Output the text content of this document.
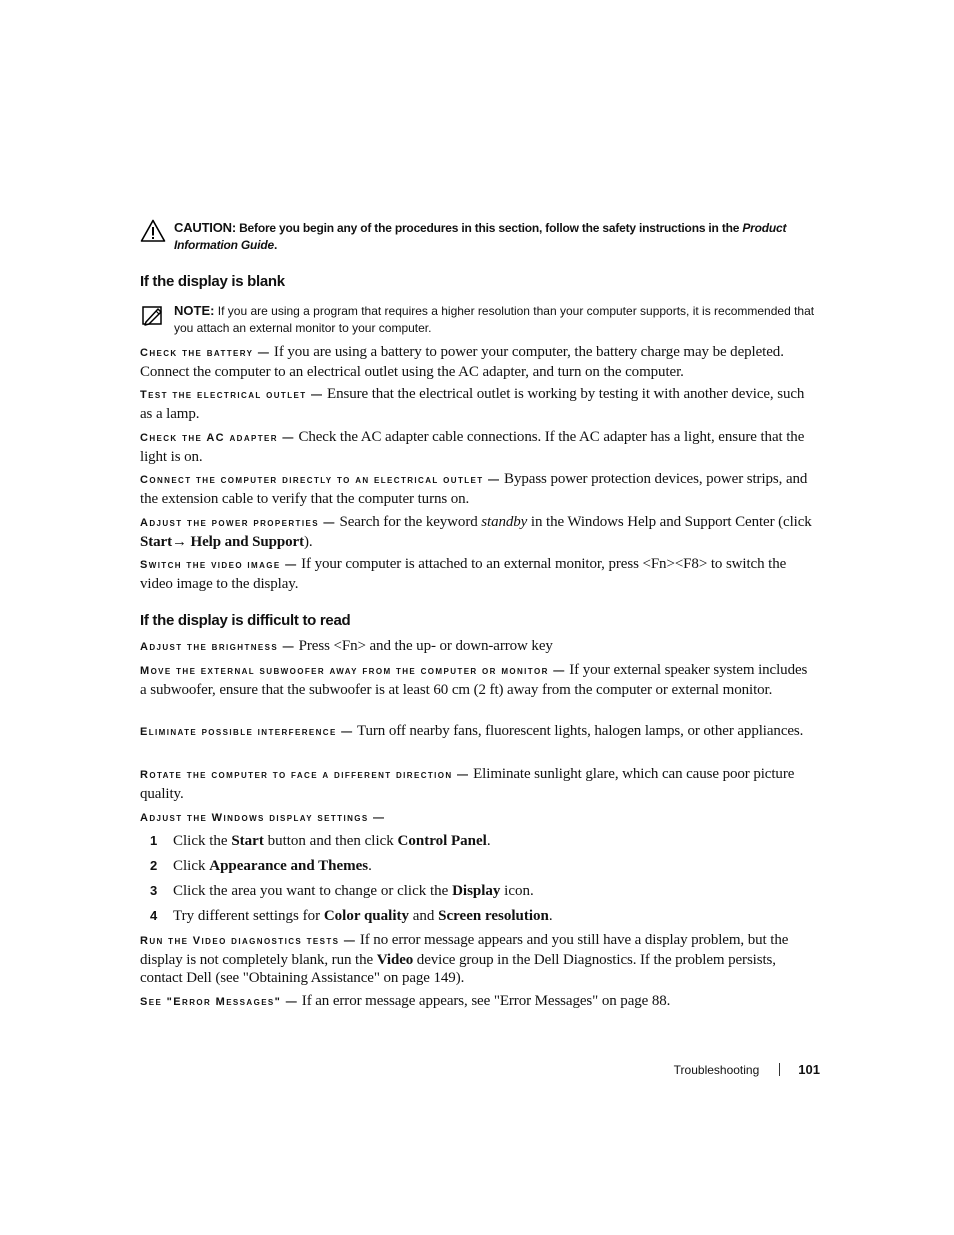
CAUTION: Before you begin any of the procedures in this section, follow the safety instructions in the Product Information Guide.
If the display is blank
NOTE: If you are using a program that requires a higher resolution than your computer supports, it is recommended that you attach an external monitor to your computer.
Check the battery — If you are using a battery to power your computer, the battery charge may be depleted. Connect the computer to an electrical outlet using the AC adapter, and turn on the computer.
Test the electrical outlet — Ensure that the electrical outlet is working by testing it with another device, such as a lamp.
Check the AC adapter — Check the AC adapter cable connections. If the AC adapter has a light, ensure that the light is on.
Connect the computer directly to an electrical outlet — Bypass power protection devices, power strips, and the extension cable to verify that the computer turns on.
Adjust the power properties — Search for the keyword standby in the Windows Help and Support Center (click Start→ Help and Support).
Switch the video image — If your computer is attached to an external monitor, press <Fn><F8> to switch the video image to the display.
If the display is difficult to read
Adjust the brightness — Press <Fn> and the up- or down-arrow key
Move the external subwoofer away from the computer or monitor — If your external speaker system includes a subwoofer, ensure that the subwoofer is at least 60 cm (2 ft) away from the computer or external monitor.
Eliminate possible interference — Turn off nearby fans, fluorescent lights, halogen lamps, or other appliances.
Rotate the computer to face a different direction — Eliminate sunlight glare, which can cause poor picture quality.
Adjust the Windows display settings —
1 Click the Start button and then click Control Panel.
2 Click Appearance and Themes.
3 Click the area you want to change or click the Display icon.
4 Try different settings for Color quality and Screen resolution.
Run the Video diagnostics tests — If no error message appears and you still have a display problem, but the display is not completely blank, run the Video device group in the Dell Diagnostics. If the problem persists, contact Dell (see "Obtaining Assistance" on page 149).
See "Error Messages" — If an error message appears, see "Error Messages" on page 88.
Troubleshooting	101
